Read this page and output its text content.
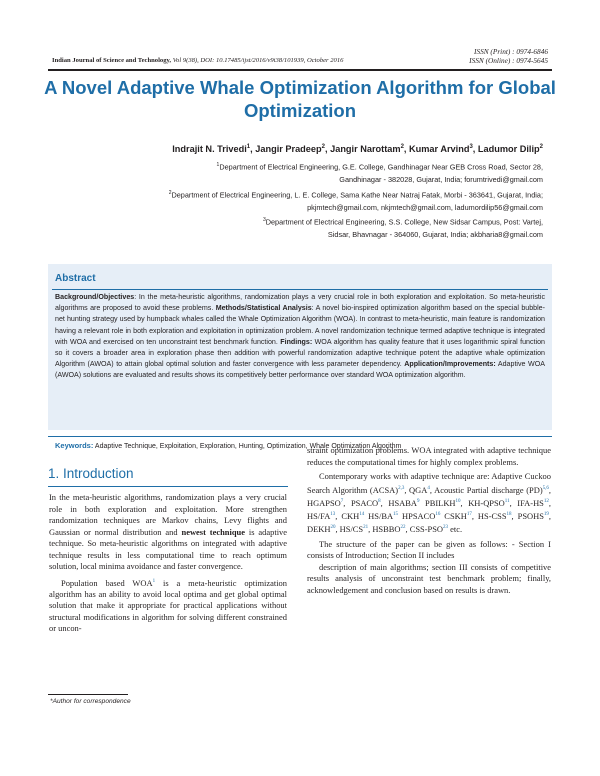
ISSN (Print) : 0974-6846
ISSN (Online) : 0974-5645
Indian Journal of Science and Technology, Vol 9(38), DOI: 10.17485/ijst/2016/v9i38/101939, October 2016
A Novel Adaptive Whale Optimization Algorithm for Global Optimization
Indrajit N. Trivedi$^1$, Jangir Pradeep$^2$, Jangir Narottam$^2$, Kumar Arvind$^3$, Ladumor Dilip$^2$
$^1$Department of Electrical Engineering, G.E. College, Gandhinagar Near GEB Cross Road, Sector 28,
Gandhinagar - 382028, Gujarat, India; forumtrivedi@gmail.com
$^2$Department of Electrical Engineering, L. E. College, Sama Kathe Near Natraj Fatak, Morbi - 363641, Gujarat, India;
pkjmtech@gmail.com, nkjmtech@gmail.com, ladumordilip56@gmail.com
$^3$Department of Electrical Engineering, S.S. College, New Sidsar Campus, Post: Vartej,
Sidsar, Bhavnagar - 364060, Gujarat, India; akbharia8@gmail.com
Abstract
Background/Objectives: In the meta-heuristic algorithms, randomization plays a very crucial role in both exploration and exploitation. So meta-heuristic algorithms are proposed to avoid these problems. Methods/Statistical Analysis: A novel bio-inspired optimization algorithm based on the special bubble-net hunting strategy used by humpback whales called the Whale Optimization Algorithm (WOA). In contrast to meta-heuristic, main feature is randomization having a relevant role in both exploration and exploitation in optimization problem. A novel randomization technique termed adaptive technique is integrated with WOA and exercised on ten unconstraint test benchmark function. Findings: WOA algorithm has quality feature that it uses logarithmic spiral function so it covers a broader area in exploration phase then addition with powerful randomization adaptive technique potent the adaptive whale optimization Algorithm (AWOA) to attain global optimal solution and faster convergence with less parameter dependency. Application/Improvements: Adaptive WOA (AWOA) solutions are evaluated and results shows its competitively better performance over standard WOA optimization algorithm.
Keywords: Adaptive Technique, Exploitation, Exploration, Hunting, Optimization, Whale Optimization Algorithm
1. Introduction

In the meta-heuristic algorithms, randomization plays a very crucial role in both exploration and exploitation. More strengthen randomization techniques are Markov chains, Levy flights and Gaussian or normal distribution and newest technique is adaptive technique. So meta-heuristic algorithms on integrated with adaptive technique results in less computational time to reach optimum solution, local minima avoidance and faster convergence.

Population based WOA$^1$ is a meta-heuristic optimization algorithm has an ability to avoid local optima and get global optimal solution that make it appropriate for practical applications without structural modifications in algorithm for solving different constrained or uncon-

straint optimization problems. WOA integrated with adaptive technique reduces the computational times for highly complex problems.

Contemporary works with adaptive technique are: Adaptive Cuckoo Search Algorithm (ACSA)$^{2,3}$, QGA$^4$, Acoustic Partial discharge (PD)$^{5,6}$, HGAPSO$^7$, PSACO$^8$, HSABA$^9$ PBILKH$^{10}$, KH-QPSO$^{11}$, IFA-HS$^{12}$, HS/FA$^{13}$, CKH$^{14}$ HS/BA$^{15}$ HPSACO$^{16}$ CSKH$^{17}$, HS-CSS$^{18}$, PSOHS$^{19}$, DEKH$^{20}$, HS/CS$^{21}$, HSBBO$^{22}$, CSS-PSO$^{23}$ etc.

The structure of the paper can be given as follows: - Section I consists of Introduction; Section II includes

description of main algorithms; section III consists of competitive results analysis of unconstraint test benchmark problem; finally, acknowledgement and conclusion based on results is drawn.

*Author for correspondence
